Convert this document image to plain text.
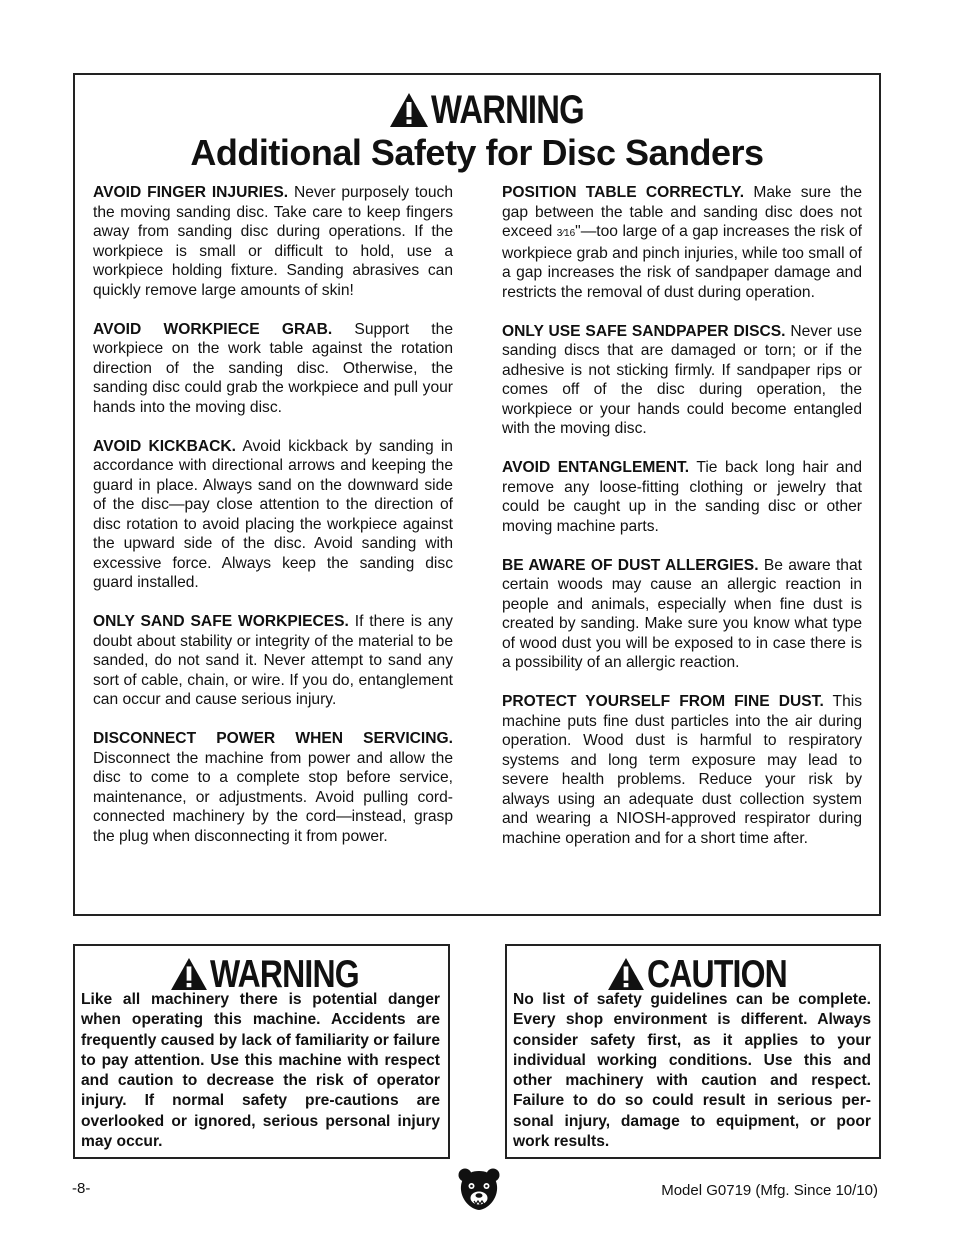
WARNING
Additional Safety for Disc Sanders

AVOID FINGER INJURIES. Never purposely touch the moving sanding disc. Take care to keep fingers away from sanding disc during operations. If the workpiece is small or difficult to hold, use a workpiece holding fixture. Sanding abrasives can quickly remove large amounts of skin!

AVOID WORKPIECE GRAB. Support the workpiece on the work table against the rotation direction of the sanding disc. Otherwise, the sanding disc could grab the workpiece and pull your hands into the moving disc.

AVOID KICKBACK. Avoid kickback by sanding in accordance with directional arrows and keeping the guard in place. Always sand on the downward side of the disc—pay close attention to the direction of disc rotation to avoid placing the workpiece against the upward side of the disc. Avoid sanding with excessive force. Always keep the sanding disc guard installed.

ONLY SAND SAFE WORKPIECES. If there is any doubt about stability or integrity of the material to be sanded, do not sand it. Never attempt to sand any sort of cable, chain, or wire. If you do, entanglement can occur and cause serious injury.

DISCONNECT POWER WHEN SERVICING. Disconnect the machine from power and allow the disc to come to a complete stop before service, maintenance, or adjustments. Avoid pulling cord-connected machinery by the cord—instead, grasp the plug when disconnecting it from power.

POSITION TABLE CORRECTLY. Make sure the gap between the table and sanding disc does not exceed 3⁄16"—too large of a gap increases the risk of workpiece grab and pinch injuries, while too small of a gap increases the risk of sandpaper damage and restricts the removal of dust during operation.

ONLY USE SAFE SANDPAPER DISCS. Never use sanding discs that are damaged or torn; or if the adhesive is not sticking firmly. If sandpaper rips or comes off of the disc during operation, the workpiece or your hands could become entangled with the moving disc.

AVOID ENTANGLEMENT. Tie back long hair and remove any loose-fitting clothing or jewelry that could be caught up in the sanding disc or other moving machine parts.

BE AWARE OF DUST ALLERGIES. Be aware that certain woods may cause an allergic reaction in people and animals, especially when fine dust is created by sanding. Make sure you know what type of wood dust you will be exposed to in case there is a possibility of an allergic reaction.

PROTECT YOURSELF FROM FINE DUST. This machine puts fine dust particles into the air during operation. Wood dust is harmful to respiratory systems and long term exposure may lead to severe health problems. Reduce your risk by always using an adequate dust collection system and wearing a NIOSH-approved respirator during machine operation and for a short time after.

WARNING
Like all machinery there is potential danger when operating this machine. Accidents are frequently caused by lack of familiarity or failure to pay attention. Use this machine with respect and caution to decrease the risk of operator injury. If normal safety pre-cautions are overlooked or ignored, serious personal injury may occur.
CAUTION
No list of safety guidelines can be complete. Every shop environment is different. Always consider safety first, as it applies to your individual working conditions. Use this and other machinery with caution and respect. Failure to do so could result in serious per-sonal injury, damage to equipment, or poor work results.
-8-	Model G0719 (Mfg. Since 10/10)
